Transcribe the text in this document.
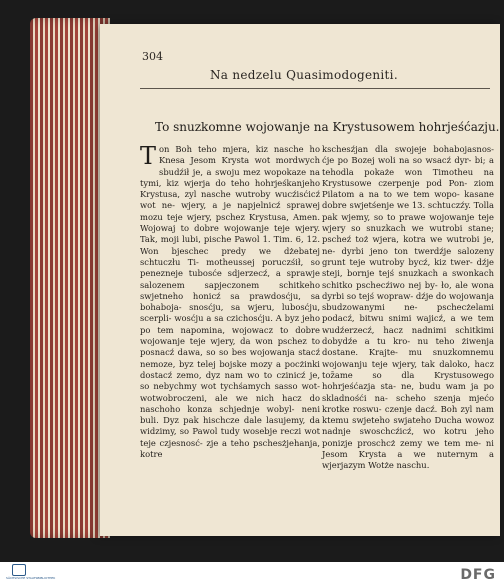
304
Na nedzelu Quasimodogeniti.
To snuzkomne wojowanje na Krystusowem hohrjeśćazju.

Ton Boh teho mjera, kiz nasche ho Knesa Jesom Krysta wot mordwych sbudźił je, a swoju mez wopokaze na tymi, kiz wjerja do teho hohrjeśkanjeho Krystusa, zyl nasche wutroby wucźisćicź wot ne- wjery, a je napjelnicź sprawej mozu teje wjery, pschez Krystusa, Amen. Wojowaj to dobre wojowanje teje wjery. Tak, moji lubi, pische Pawol 1. Tim. 6, 12. Won bjeschec predy we dżebatej schtuczłu Ti- motheussej poruczśił, so penezneje tubosće sdjerzecź, a sprawje salozenem sapjeczonem schitkeho swjetneho honicź sa prawdosćju, sa bohaboja- snosćju, sa wjeru, lubosćju, scerpli- wosćju a sa czichosćju. A byz jeho po tem napomina, wojowacz to dobre wojowanje teje wjery, da won pschez to posnacź dawa, so so bes wojowanja stacź nemoze, byz telej bojske mozy a pocżinki dostacź zemo, dyz nam wo to czinicź je, so nebychmy wot tychśamych sasso wot- wotwobroczeni, ale we nich hacz do naschoho konza schjednje wobyl- neni buli. Dyz pak hischcze dale lasujemy, da widzimy, so Pawol tudy wosebje reczi wot teje czjesnosć- zje a teho pschesżjehanja, kotre

kschesźjan dla swojeje bohabojasnos- ćje po Bozej woli na so wsacź dyr- bi; a tehodla pokaże won Timotheu na Krystusowe czerpenje pod Pon- ziom Pilatom a na to we tem wopo- kasane dobre swjetśenje we 13. schtuczźy. Tolla pak wjemy, so to prawe wojowanje teje wjery so snuzkach we wutrobi stane; pscheź toż wjera, kotra we wutrobi je, ne- dyrbi jeno ton twerdźje salozeny grunt teje wutroby bycź, kiz twer- dźje steji, bornje tejś snuzkach a swonkach schitko pschecźiwo nej by- ło, ale wona dyrbi so tejś wopraw- dźje do wojowanja sbudzowanymi ne- pschecżelami podacź, bitwu snimi wajicź, a we tem wudźerzecź, hacz nadnimi schitkimi dobydźe a tu kro- nu teho żiwenja dostane. Krajte- mu snuzkomnemu wojowanju teje wjery, tak daloko, hacz toz̄ame so dla Krystusowego hohrjeśćazja sta- ne, budu wam ja po skladnośći na- scheho szenja mjećo krotke roswu- czenje dacź. Boh zyl nam ktemu swjeteho swjateho Ducha wowoz nadnje swoschcźicź, wo kotru jeho ponizje proschcż zemy we tem me- ni Jesom Krysta a we nuternym a wjerjazym Wotże naschu.

SÄCHSISCHE STAATSBIBLIOTHEK	DFG
